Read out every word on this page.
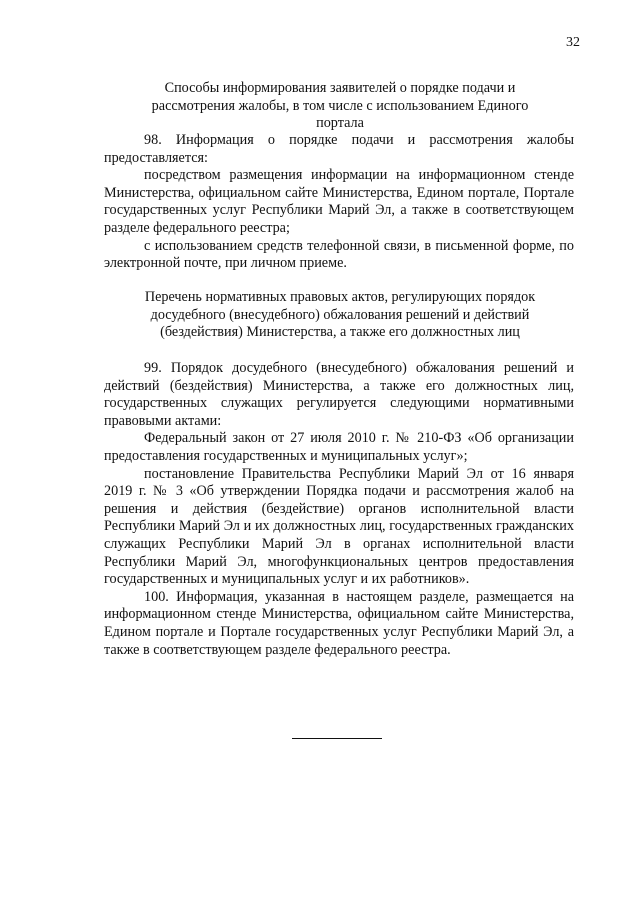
32

Способы информирования заявителей о порядке подачи и рассмотрения жалобы, в том числе с использованием Единого портала

98. Информация о порядке подачи и рассмотрения жалобы предоставляется:

посредством размещения информации на информационном стенде Министерства, официальном сайте Министерства, Едином портале, Портале государственных услуг Республики Марий Эл, а также в соответствующем разделе федерального реестра;

с использованием средств телефонной связи, в письменной форме, по электронной почте, при личном приеме.

Перечень нормативных правовых актов, регулирующих порядок досудебного (внесудебного) обжалования решений и действий (бездействия) Министерства, а также его должностных лиц

99. Порядок досудебного (внесудебного) обжалования решений и действий (бездействия) Министерства, а также его должностных лиц, государственных служащих регулируется следующими нормативными правовыми актами:

Федеральный закон от 27 июля 2010 г. № 210-ФЗ «Об организации предоставления государственных и муниципальных услуг»;

постановление Правительства Республики Марий Эл от 16 января 2019 г. № 3 «Об утверждении Порядка подачи и рассмотрения жалоб на решения и действия (бездействие) органов исполнительной власти Республики Марий Эл и их должностных лиц, государственных гражданских служащих Республики Марий Эл в органах исполнительной власти Республики Марий Эл, многофункциональных центров предоставления государственных и муниципальных услуг и их работников».

100. Информация, указанная в настоящем разделе, размещается на информационном стенде Министерства, официальном сайте Министерства, Едином портале и Портале государственных услуг Республики Марий Эл, а также в соответствующем разделе федерального реестра.
